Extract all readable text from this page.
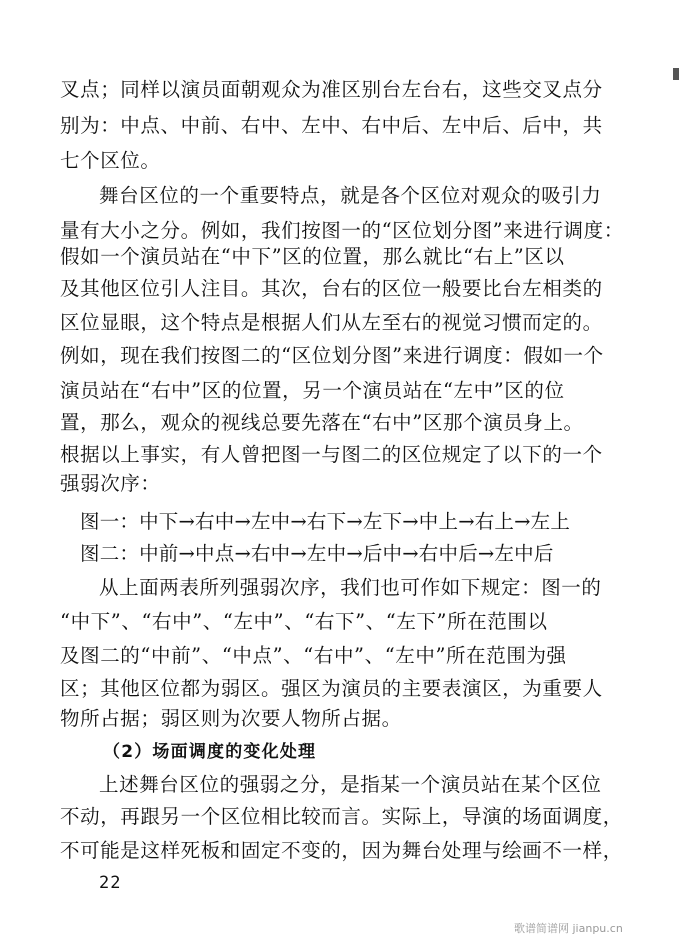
叉点；同样以演员面朝观众为准区别台左台右，这些交叉点分
别为：中点、中前、右中、左中、右中后、左中后、后中，共
七个区位。
舞台区位的一个重要特点，就是各个区位对观众的吸引力
量有大小之分。例如，我们按图一的“区位划分图”来进行调度：
假如一个演员站在“中下”区的位置，那么就比“右上”区以
及其他区位引人注目。其次，台右的区位一般要比台左相类的
区位显眼，这个特点是根据人们从左至右的视觉习惯而定的。
例如，现在我们按图二的“区位划分图”来进行调度：假如一个
演员站在“右中”区的位置，另一个演员站在“左中”区的位
置，那么，观众的视线总要先落在“右中”区那个演员身上。
根据以上事实，有人曾把图一与图二的区位规定了以下的一个
强弱次序：
图一：中下→右中→左中→右下→左下→中上→右上→左上
图二：中前→中点→右中→左中→后中→右中后→左中后
从上面两表所列强弱次序，我们也可作如下规定：图一的
“中下”、“右中”、“左中”、“右下”、“左下”所在范围以
及图二的“中前”、“中点”、“右中”、“左中”所在范围为强
区；其他区位都为弱区。强区为演员的主要表演区，为重要人
物所占据；弱区则为次要人物所占据。
（2）场面调度的变化处理
上述舞台区位的强弱之分，是指某一个演员站在某个区位
不动，再跟另一个区位相比较而言。实际上，导演的场面调度，
不可能是这样死板和固定不变的，因为舞台处理与绘画不一样，
22
歌谱简谱网 jianpu.cn
